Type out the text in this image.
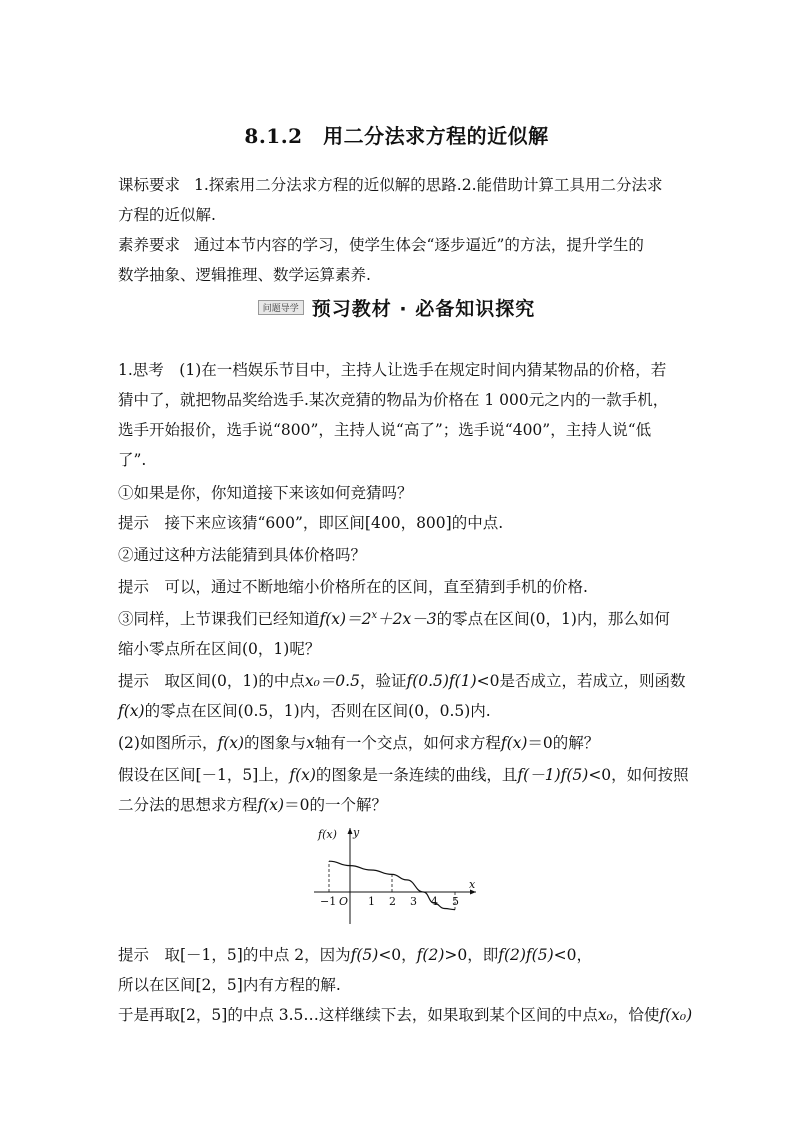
8.1.2　用二分法求方程的近似解
课标要求 1.探索用二分法求方程的近似解的思路.2.能借助计算工具用二分法求
方程的近似解.
素养要求 通过本节内容的学习，使学生体会“逐步逼近”的方法，提升学生的
数学抽象、逻辑推理、数学运算素养.
问题导学 预习教材 · 必备知识探究
1.思考　(1)在一档娱乐节目中，主持人让选手在规定时间内猜某物品的价格，若
猜中了，就把物品奖给选手.某次竞猜的物品为价格在 1 000元之内的一款手机，
选手开始报价，选手说“800”，主持人说“高了”；选手说“400”，主持人说“低
了”.
①如果是你，你知道接下来该如何竞猜吗？
提示　接下来应该猜“600”，即区间[400，800]的中点.
②通过这种方法能猜到具体价格吗？
提示　可以，通过不断地缩小价格所在的区间，直至猜到手机的价格.
③同样，上节课我们已经知道$f(x)=2^x+2x-3$的零点在区间(0，1)内，那么如何
缩小零点所在区间(0，1)呢？
提示　取区间(0，1)的中点x₀＝0.5，验证f(0.5)f(1)<0是否成立，若成立，则函数
f(x)的零点在区间(0.5，1)内，否则在区间(0，0.5)内.
(2)如图所示，f(x)的图象与x轴有一个交点，如何求方程f(x)＝0的解？
假设在区间[－1，5]上，f(x)的图象是一条连续的曲线，且f(－1)f(5)<0，如何按照
二分法的思想求方程f(x)＝0的一个解？
x
y
f(x)
O
−1	1 2 3 4 5
提示　取[－1，5]的中点 2，因为f(5)<0，f(2)>0，即f(2)f(5)<0，
所以在区间[2，5]内有方程的解.
于是再取[2，5]的中点 3.5…这样继续下去，如果取到某个区间的中点x₀，恰使f(x₀)
